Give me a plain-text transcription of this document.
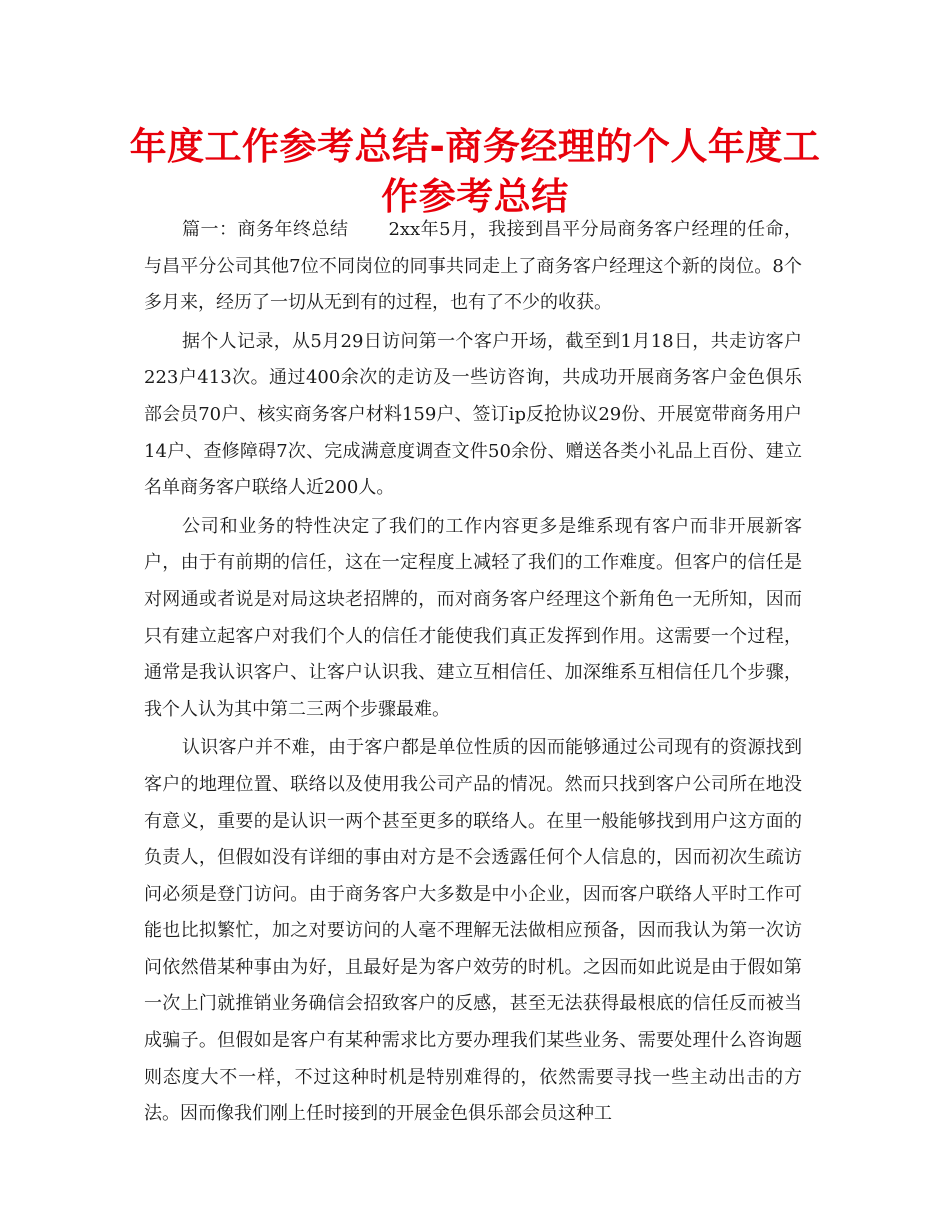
年度工作参考总结-商务经理的个人年度工作参考总结

篇一：商务年终总结 2xx年5月，我接到昌平分局商务客户经理的任命，与昌平分公司其他7位不同岗位的同事共同走上了商务客户经理这个新的岗位。8个多月来，经历了一切从无到有的过程，也有了不少的收获。

据个人记录，从5月29日访问第一个客户开场，截至到1月18日，共走访客户223户413次。通过400余次的走访及一些访咨询，共成功开展商务客户金色俱乐部会员70户、核实商务客户材料159户、签订ip反抢协议29份、开展宽带商务用户14户、查修障碍7次、完成满意度调查文件50余份、赠送各类小礼品上百份、建立名单商务客户联络人近200人。

公司和业务的特性决定了我们的工作内容更多是维系现有客户而非开展新客户，由于有前期的信任，这在一定程度上减轻了我们的工作难度。但客户的信任是对网通或者说是对局这块老招牌的，而对商务客户经理这个新角色一无所知，因而只有建立起客户对我们个人的信任才能使我们真正发挥到作用。这需要一个过程，通常是我认识客户、让客户认识我、建立互相信任、加深维系互相信任几个步骤，我个人认为其中第二三两个步骤最难。

认识客户并不难，由于客户都是单位性质的因而能够通过公司现有的资源找到客户的地理位置、联络以及使用我公司产品的情况。然而只找到客户公司所在地没有意义，重要的是认识一两个甚至更多的联络人。在里一般能够找到用户这方面的负责人，但假如没有详细的事由对方是不会透露任何个人信息的，因而初次生疏访问必须是登门访问。由于商务客户大多数是中小企业，因而客户联络人平时工作可能也比拟繁忙，加之对要访问的人毫不理解无法做相应预备，因而我认为第一次访问依然借某种事由为好，且最好是为客户效劳的时机。之因而如此说是由于假如第一次上门就推销业务确信会招致客户的反感，甚至无法获得最根底的信任反而被当成骗子。但假如是客户有某种需求比方要办理我们某些业务、需要处理什么咨询题则态度大不一样，不过这种时机是特别难得的，依然需要寻找一些主动出击的方法。因而像我们刚上任时接到的开展金色俱乐部会员这种工
